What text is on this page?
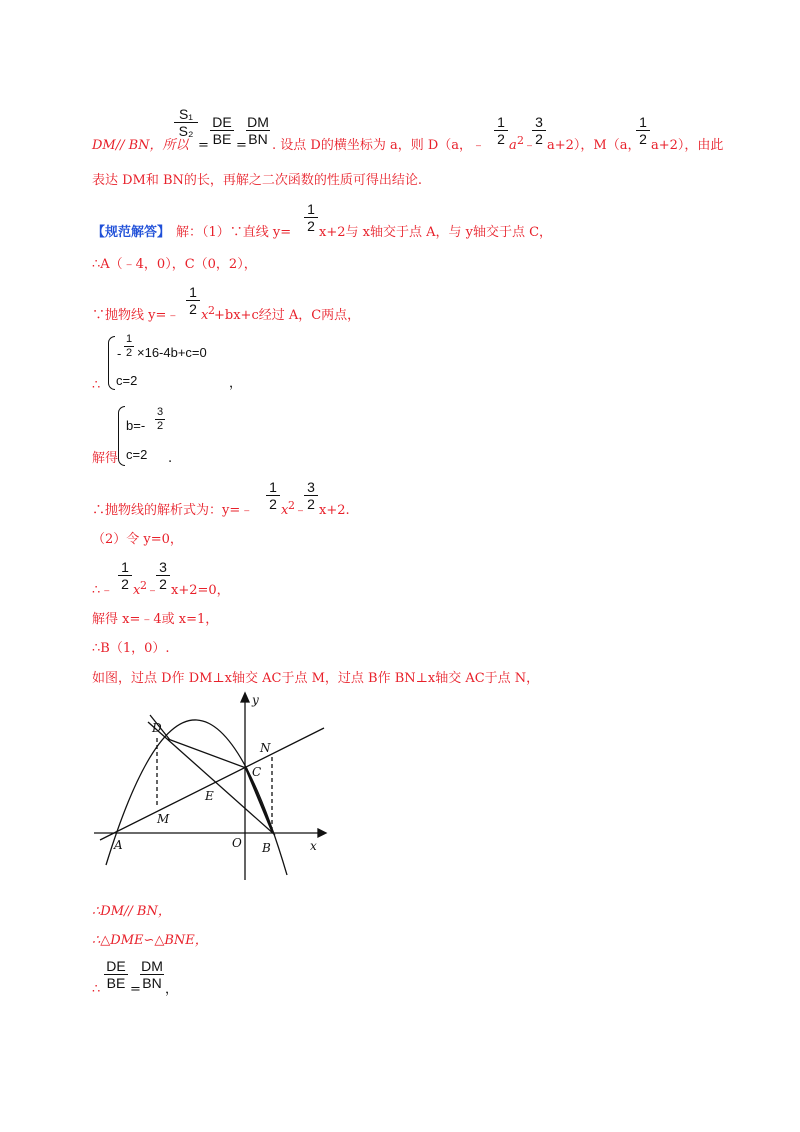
$\frac{\text{S₁}}{\text{S₂}}$
DM// BN，所以 = $\frac{DE}{BE} = \frac{DM}{BN}$ . 设点 D的横坐标为 a，则 D（a，﹣ $\frac{1}{2}$ a 2 ﹣
$\frac{3}{2} a+2$），M（a，
$\frac{1}{2} a+2$），由此
表达 DM和 BN的长，再解之二次函数的性质可得出结论.
【规范解答】 解：（1）∵直线 $y= \frac{1}{2} x+2$与 x轴交于点 A，与 y轴交于点 C，
∴A（﹣4，0），C（0，2），
∵抛物线 y=﹣ $\frac{1}{2}$ x 2 +bx+c经过 A，C两点，
∴
- $\frac{1}{2} \times 16-4b+c=0$
c=2	，
解得
$b=- \frac{3}{2}$
c=2 .
∴抛物线的解析式为：y=﹣ $\frac{1}{2}$ x 2 ﹣
$\frac{3}{2} x+2$.
（2）令 y=0，
∴﹣ $\frac{1}{2}$ x 2 ﹣
$\frac{3}{2} x+2=0$，
解得 x=﹣4或 x=1，
∴B（1，0）.
如图，过点 D作 DM⊥x轴交 AC于点 M，过点 B作 BN⊥x轴交 AC于点 N，
D
N
C
E
M
A	O B	x
y
∴DM// BN，
∴△DME∽△BNE，
∴ $\frac{DE}{BE} = \frac{DM}{BN}$ ，
